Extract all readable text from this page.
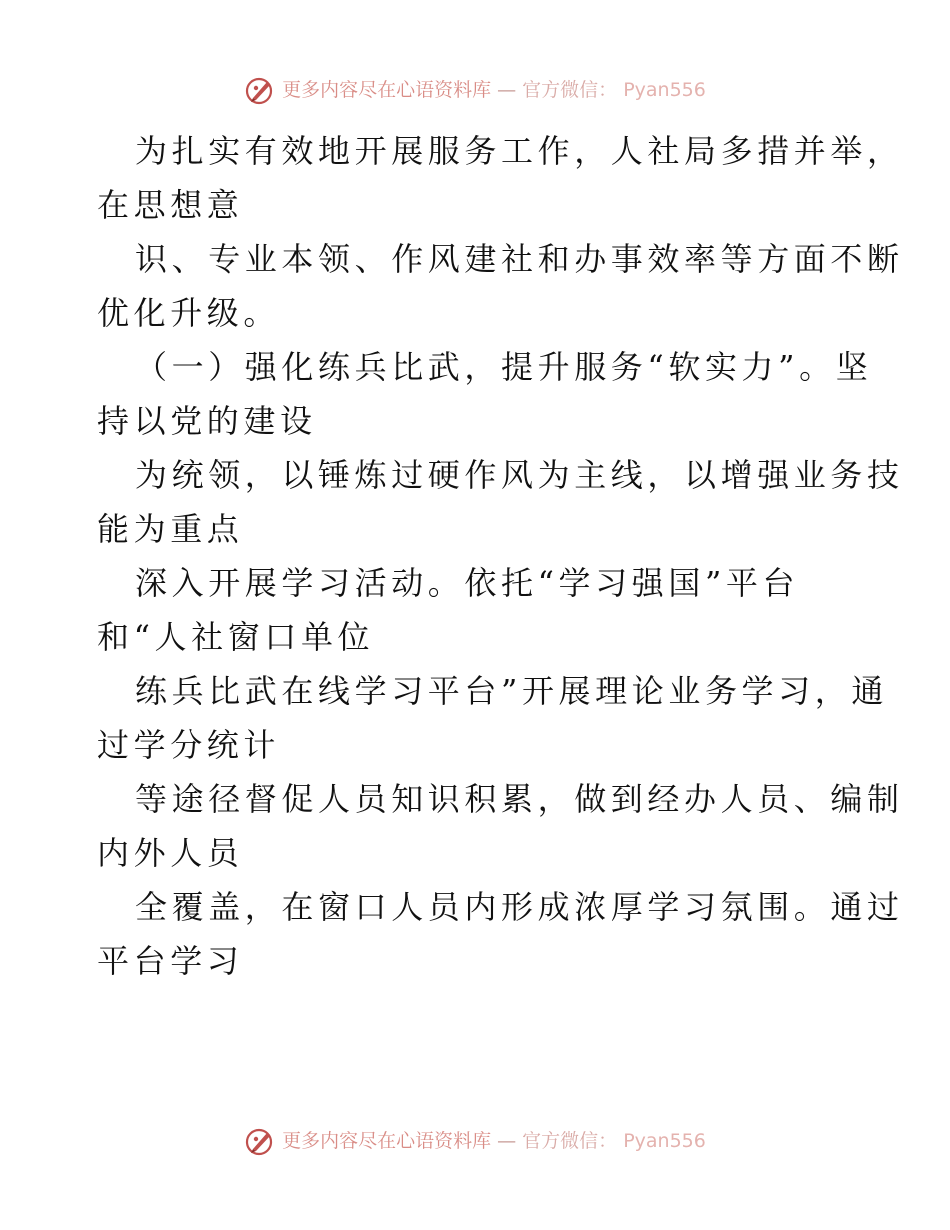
更多内容尽在心语资料库 — 官方微信： Pyan556
为扎实有效地开展服务工作，人社局多措并举，
在思想意
识、专业本领、作风建社和办事效率等方面不断
优化升级。
（一）强化练兵比武，提升服务“软实力”。坚
持以党的建设
为统领，以锤炼过硬作风为主线，以增强业务技
能为重点
深入开展学习活动。依托“学习强国”平台
和“人社窗口单位
练兵比武在线学习平台”开展理论业务学习，通
过学分统计
等途径督促人员知识积累，做到经办人员、编制
内外人员
全覆盖，在窗口人员内形成浓厚学习氛围。通过
平台学习
更多内容尽在心语资料库 — 官方微信： Pyan556
